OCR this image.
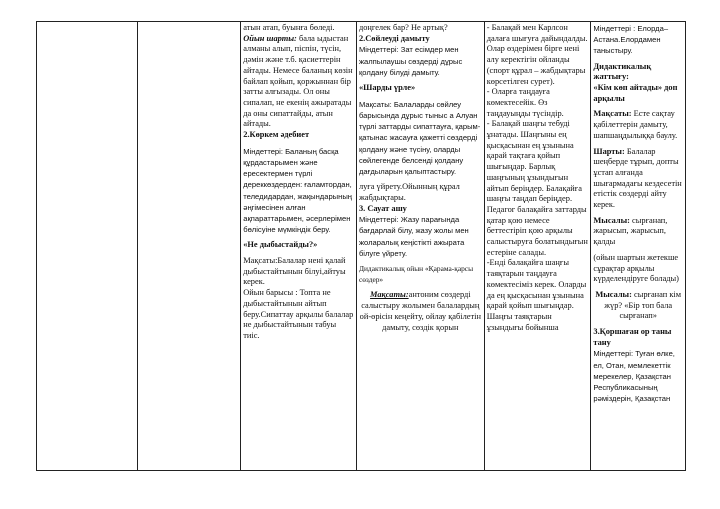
атын атап, буынға бөледі.
Ойын шарты: бала ыдыстан алманы алып, піспін, түсін, дәмін және т.б. қасиеттерін айтады. Немесе баланың көзін байлап қойып, қоржыннан бір затты алғызады. Ол оны сипалап, не екенің ажыратады да оны сипаттайды, атын айтады.
2.Көркем әдебиет
Міндеттері: Баланың басқа құрдастарымен және ересектермен түрлі дереккөздерден: ғаламтордан, теледидардан, жақындарының әңгімесінен алған ақпараттарымен, әсерлерімен бөлісуіне мүмкіндік беру.
«Не дыбыстайды?»
Мақсаты:Балалар нені қалай дыбыстайтынын білуі,айтуы керек.
Ойын барысы : Топта не дыбыстайтынын айтып беру.Сипаттау арқылы балалар не дыбыстайтынын табуы тиіс.

доңгелек бар? Не артық?
2.Сөйлеуді дамыту
Міндеттері: Зат есімдер мен жалпылаушы сөздерді дұрыс қолдану білуді дамыту.
«Шарды үрле»
Мақсаты: Балаларды сөйлеу барысында дұрыс тыныс а Алуан түрлі заттарды сипаттауға, қарым-қатынас жасауға қажетті сөздерді қолдану және түсіну, оларды сөйлегенде белсенді қолдану дағдыларын қалыптастыру.
луға үйрету.Ойынның құрал жабдықтары.
3. Сауат ашу
Міндеттері: Жазу парағында бағдарлай білу, жазу жолы мен жоларалық кеңістікті ажырата білуге үйрету.
Дидактикалық ойын «Қарама-қарсы сөздер»
Мақсаты:антоним сөздерді салыстыру жолымен балалардың ой-өрісін кеңейту, ойлау қабілетін дамыту, сөздік қорын

- Балақай мен Карлсон далаға шығуға дайындалды. Олар өздерімен бірге нені алу керектігін ойланды (спорт құрал – жабдықтары көрсетілген сурет).
- Оларға таңдауға көмектесейік. Өз таңдауыңды түсіндір.
- Балақай шаңғы тебуді ұнатады. Шаңғыны ең қысқасынан ең ұзынына қарай тақтаға қойып шығыңдар. Барлық шаңғының ұзындығын айтып беріңдер. Балақайға шаңғы таңдап беріңдер.
Педагог балақайға заттарды қатар қою немесе беттестіріп қою арқылы салыстыруға болатындығын естеріне салады.
-Енді балақайға шаңғы таяқтарын таңдауға көмектесіміз керек. Оларды да ең қысқасынан ұзынына қарай қойып шығыңдар. Шаңғы таяқтарын ұзындығы бойынша

Міндеттері : Елорда– Астана.Елордамен таныстыру.
Дидактикалық жаттығу:
«Кім көп айтады» доп арқылы
Мақсаты: Есте сақтау қабілеттерін дамыту, шапшаңдылыққа баулу.
Шарты: Балалар шеңберде тұрып, допты ұстап алғанда шығармадағы кездесетін етістік сөздерді айту керек.
Мысалы: сырғанап, жарысып, жарысып, қалды
(ойын шартын жетекше сұрақтар арқылы күрделендіруге болады)
Мысалы: сырғанап кім жүр? «Бір топ бала сырғанап»
3.Қоршаған ор таны тану
Міндеттері: Туған өлке, ел, Отан, мемлекеттік мерекелер, Қазақстан Республикасының рәміздерін, Қазақстан
